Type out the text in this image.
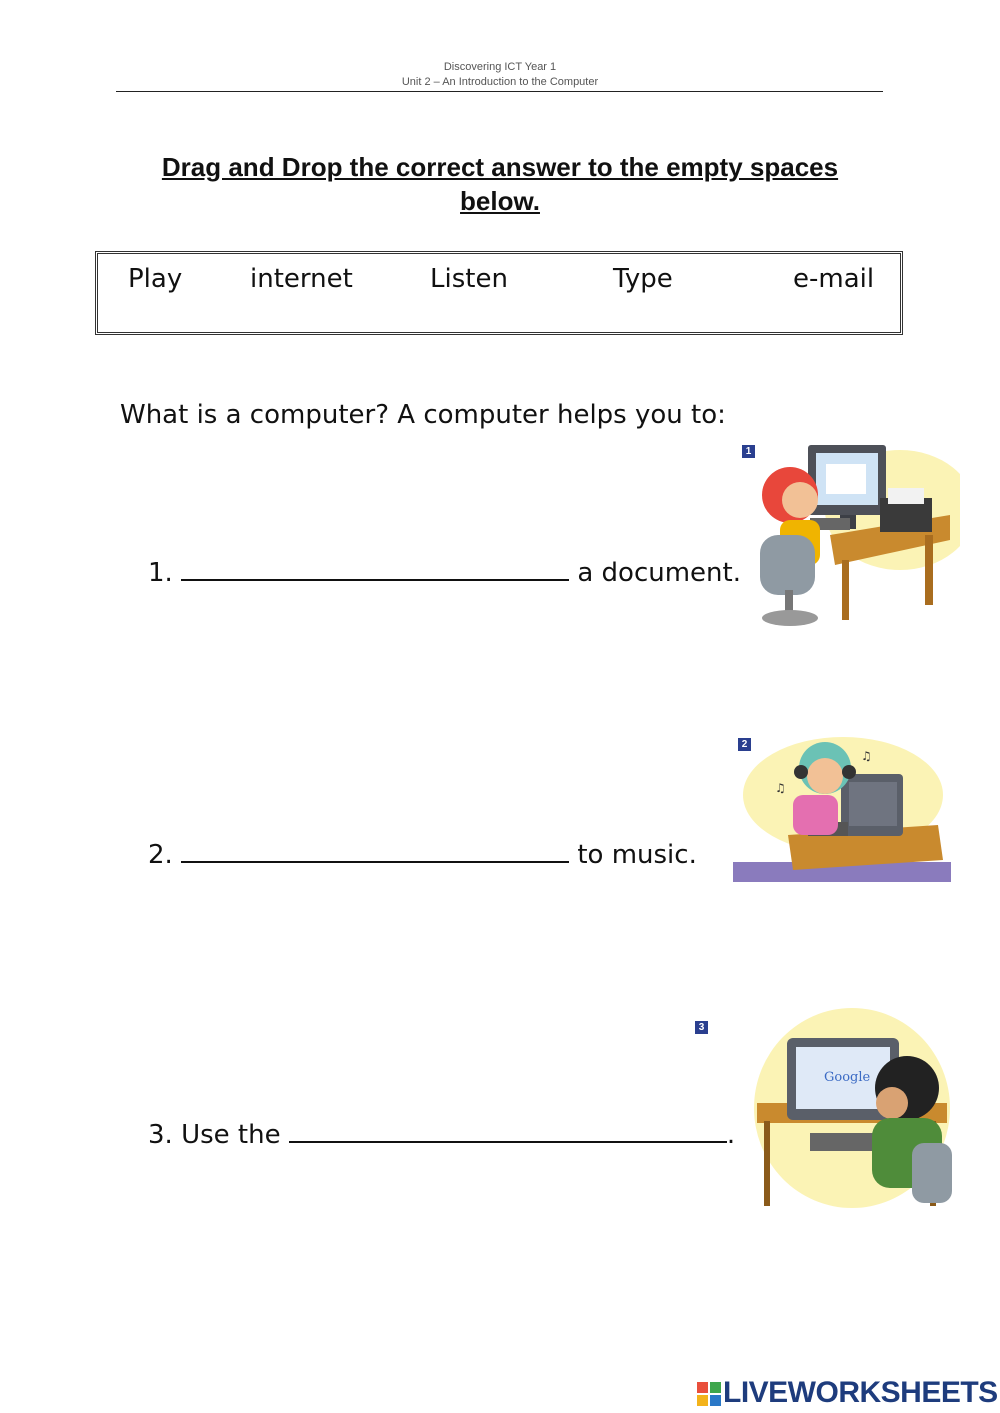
Discovering ICT Year 1
Unit 2 – An Introduction to the Computer
Drag and Drop the correct answer to the empty spaces below.
Play	internet	Listen	Type	e-mail
What is a computer? A computer helps you to:
1.	a document.
2.	to music.
3. Use the	.
1
2
3
♫
♫
Google
LIVEWORKSHEETS
